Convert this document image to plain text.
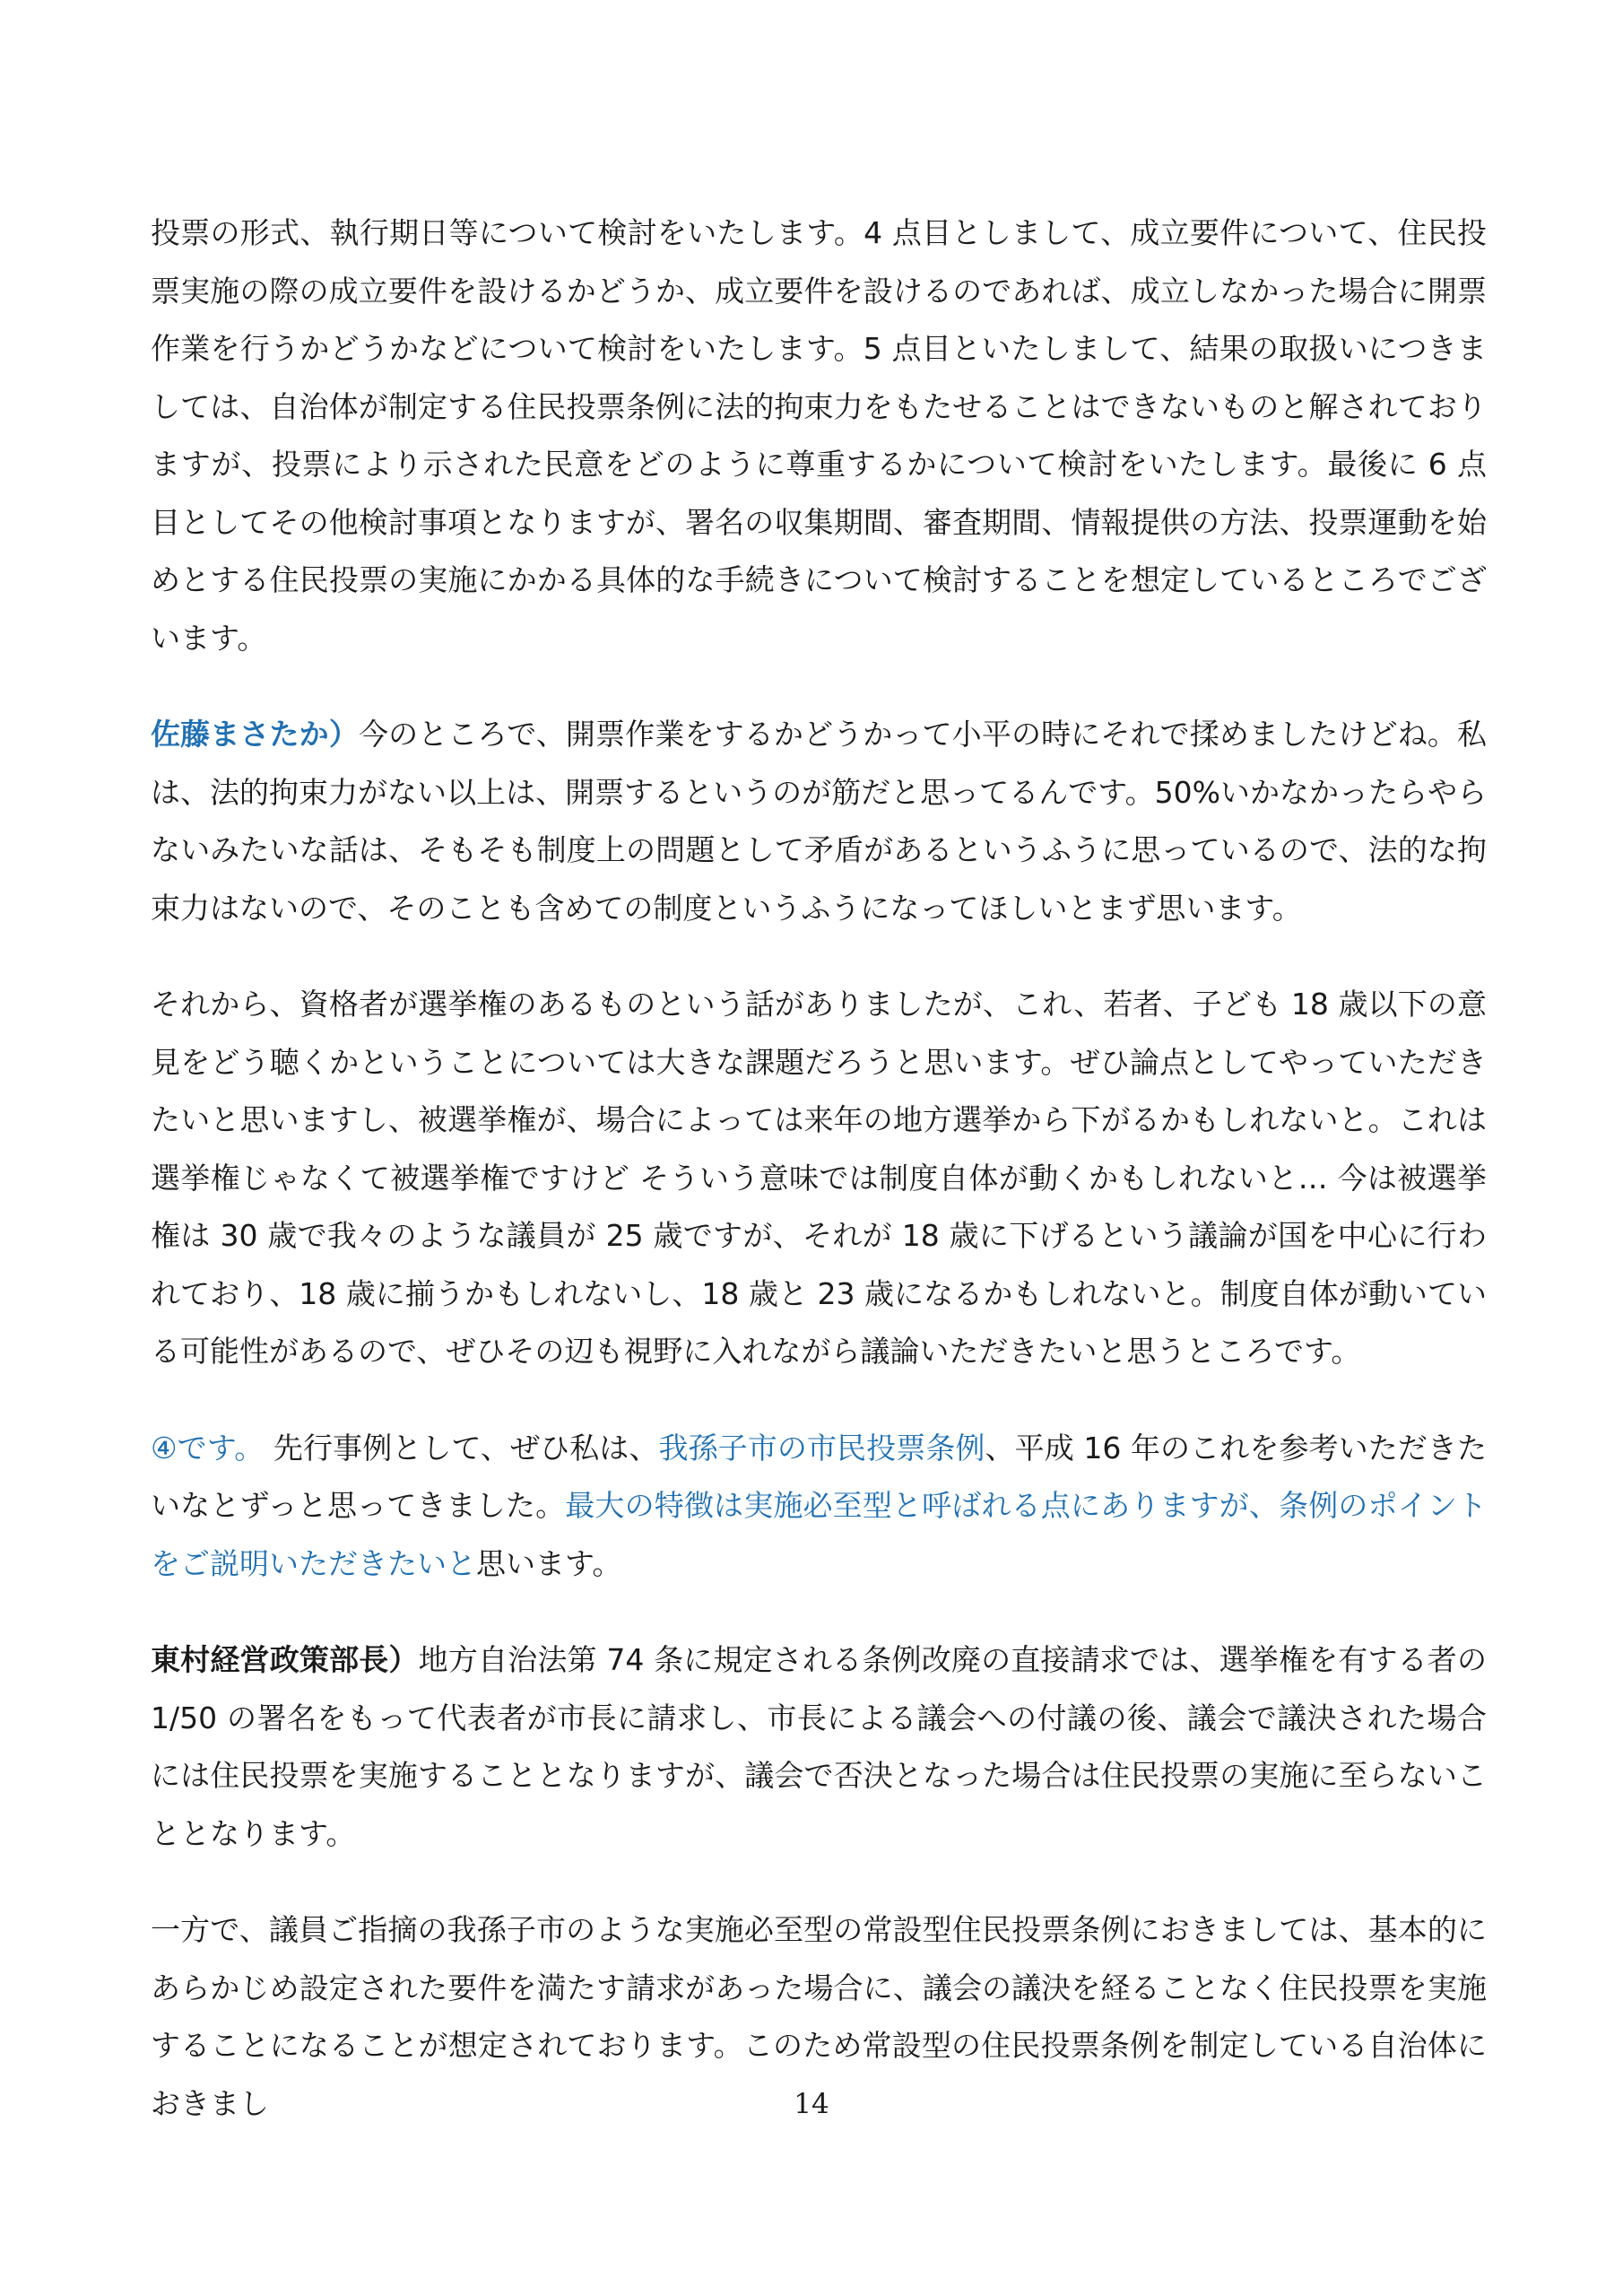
投票の形式、執行期日等について検討をいたします。4 点目としまして、成立要件について、住民投票実施の際の成立要件を設けるかどうか、成立要件を設けるのであれば、成立しなかった場合に開票作業を行うかどうかなどについて検討をいたします。5 点目といたしまして、結果の取扱いにつきましては、自治体が制定する住民投票条例に法的拘束力をもたせることはできないものと解されておりますが、投票により示された民意をどのように尊重するかについて検討をいたします。最後に 6 点目としてその他検討事項となりますが、署名の収集期間、審査期間、情報提供の方法、投票運動を始めとする住民投票の実施にかかる具体的な手続きについて検討することを想定しているところでございます。

佐藤まさたか）今のところで、開票作業をするかどうかって小平の時にそれで揉めましたけどね。私は、法的拘束力がない以上は、開票するというのが筋だと思ってるんです。50%いかなかったらやらないみたいな話は、そもそも制度上の問題として矛盾があるというふうに思っているので、法的な拘束力はないので、そのことも含めての制度というふうになってほしいとまず思います。

それから、資格者が選挙権のあるものという話がありましたが、これ、若者、子ども 18 歳以下の意見をどう聴くかということについては大きな課題だろうと思います。ぜひ論点としてやっていただきたいと思いますし、被選挙権が、場合によっては来年の地方選挙から下がるかもしれないと。これは選挙権じゃなくて被選挙権ですけど そういう意味では制度自体が動くかもしれないと… 今は被選挙権は 30 歳で我々のような議員が 25 歳ですが、それが 18 歳に下げるという議論が国を中心に行われており、18 歳に揃うかもしれないし、18 歳と 23 歳になるかもしれないと。制度自体が動いている可能性があるので、ぜひその辺も視野に入れながら議論いただきたいと思うところです。

④です。 先行事例として、ぜひ私は、我孫子市の市民投票条例、平成 16 年のこれを参考いただきたいなとずっと思ってきました。最大の特徴は実施必至型と呼ばれる点にありますが、条例のポイントをご説明いただきたいと思います。

東村経営政策部長）地方自治法第 74 条に規定される条例改廃の直接請求では、選挙権を有する者の 1/50 の署名をもって代表者が市長に請求し、市長による議会への付議の後、議会で議決された場合には住民投票を実施することとなりますが、議会で否決となった場合は住民投票の実施に至らないこととなります。

一方で、議員ご指摘の我孫子市のような実施必至型の常設型住民投票条例におきましては、基本的にあらかじめ設定された要件を満たす請求があった場合に、議会の議決を経ることなく住民投票を実施することになることが想定されております。このため常設型の住民投票条例を制定している自治体におきまし	14
